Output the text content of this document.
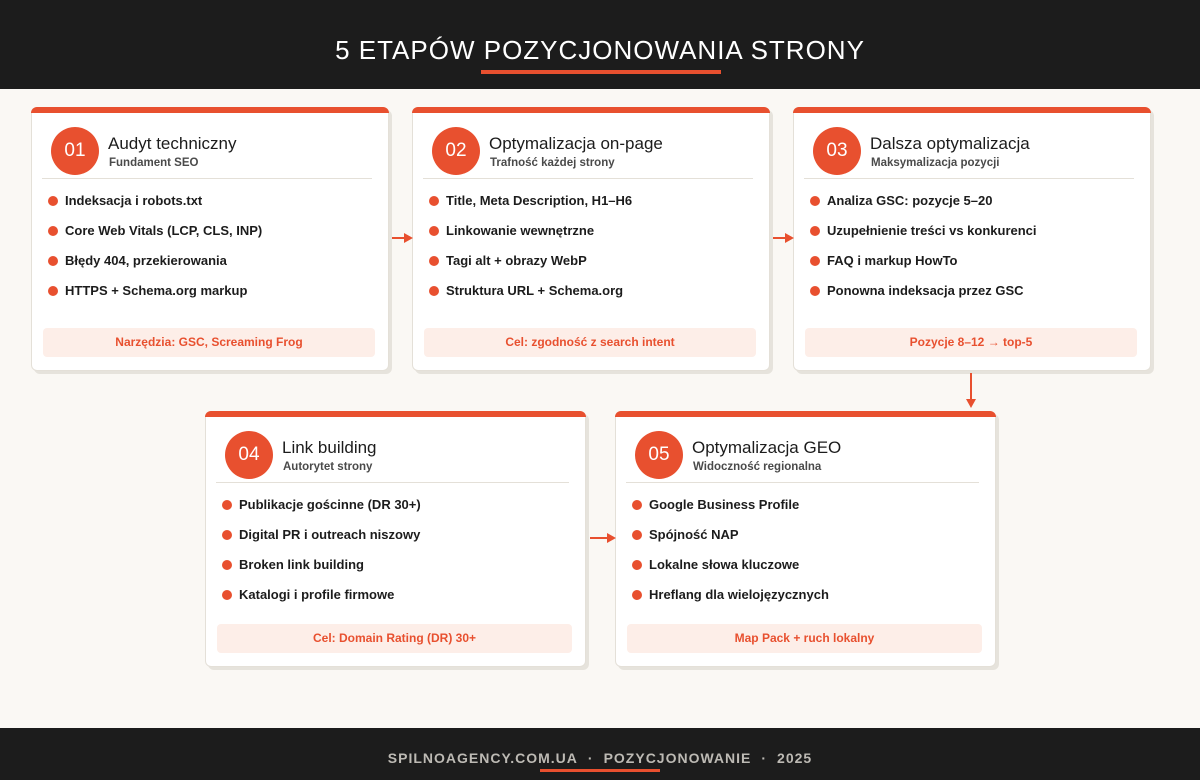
5 ETAPÓW POZYCJONOWANIA STRONY
01	Audyt techniczny
Fundament SEO
Indeksacja i robots.txt
Core Web Vitals (LCP, CLS, INP)
Błędy 404, przekierowania
HTTPS + Schema.org markup
Narzędzia: GSC, Screaming Frog
02	Optymalizacja on-page
Trafność każdej strony
Title, Meta Description, H1–H6
Linkowanie wewnętrzne
Tagi alt + obrazy WebP
Struktura URL + Schema.org
Cel: zgodność z search intent
03	Dalsza optymalizacja
Maksymalizacja pozycji
Analiza GSC: pozycje 5–20
Uzupełnienie treści vs konkurenci
FAQ i markup HowTo
Ponowna indeksacja przez GSC
Pozycje 8–12 → top-5
04	Link building
Autorytet strony
Publikacje gościnne (DR 30+)
Digital PR i outreach niszowy
Broken link building
Katalogi i profile firmowe
Cel: Domain Rating (DR) 30+
05	Optymalizacja GEO
Widoczność regionalna
Google Business Profile
Spójność NAP
Lokalne słowa kluczowe
Hreflang dla wielojęzycznych
Map Pack + ruch lokalny
SPILNOAGENCY.COM.UA · POZYCJONOWANIE · 2025
